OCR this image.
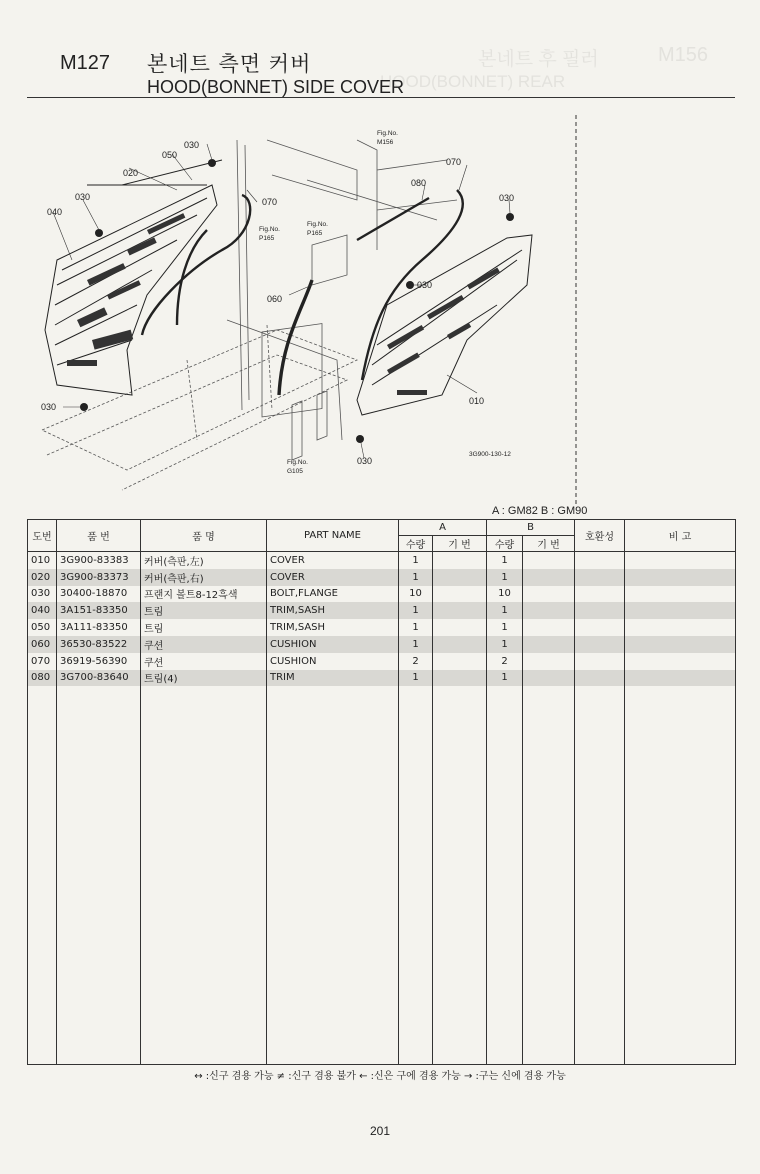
M156
본네트 후 필러
HOOD(BONNET) REAR
M127 본네트 측면 커버
HOOD(BONNET) SIDE COVER
030
050
020
030
040
070
060
030
070
080
030
030
010
030
Fig.No.
M156
Fig.No.
P165
Fig.No.
P165
Fig.No.
G105
3G900-130-12
A : GM82 B : GM90
도번	품 번	품 명	PART NAME	A		B		호환성	비 고
				수량	기 번	수량	기 번		
010	3G900-83383	커버(측판,左)	COVER	1		1			
020	3G900-83373	커버(측판,右)	COVER	1		1			
030	30400-18870	프랜지 볼트8-12흑색	BOLT,FLANGE	10		10			
040	3A151-83350	트림	TRIM,SASH	1		1			
050	3A111-83350	트림	TRIM,SASH	1		1			
060	36530-83522	쿠션	CUSHION	1		1			
070	36919-56390	쿠션	CUSHION	2		2			
080	3G700-83640	트림(4)	TRIM	1		1			

↔ :신구 겸용 가능 ≠ :신구 겸용 불가 ← :신은 구에 겸용 가능 → :구는 신에 겸용 가능
201
